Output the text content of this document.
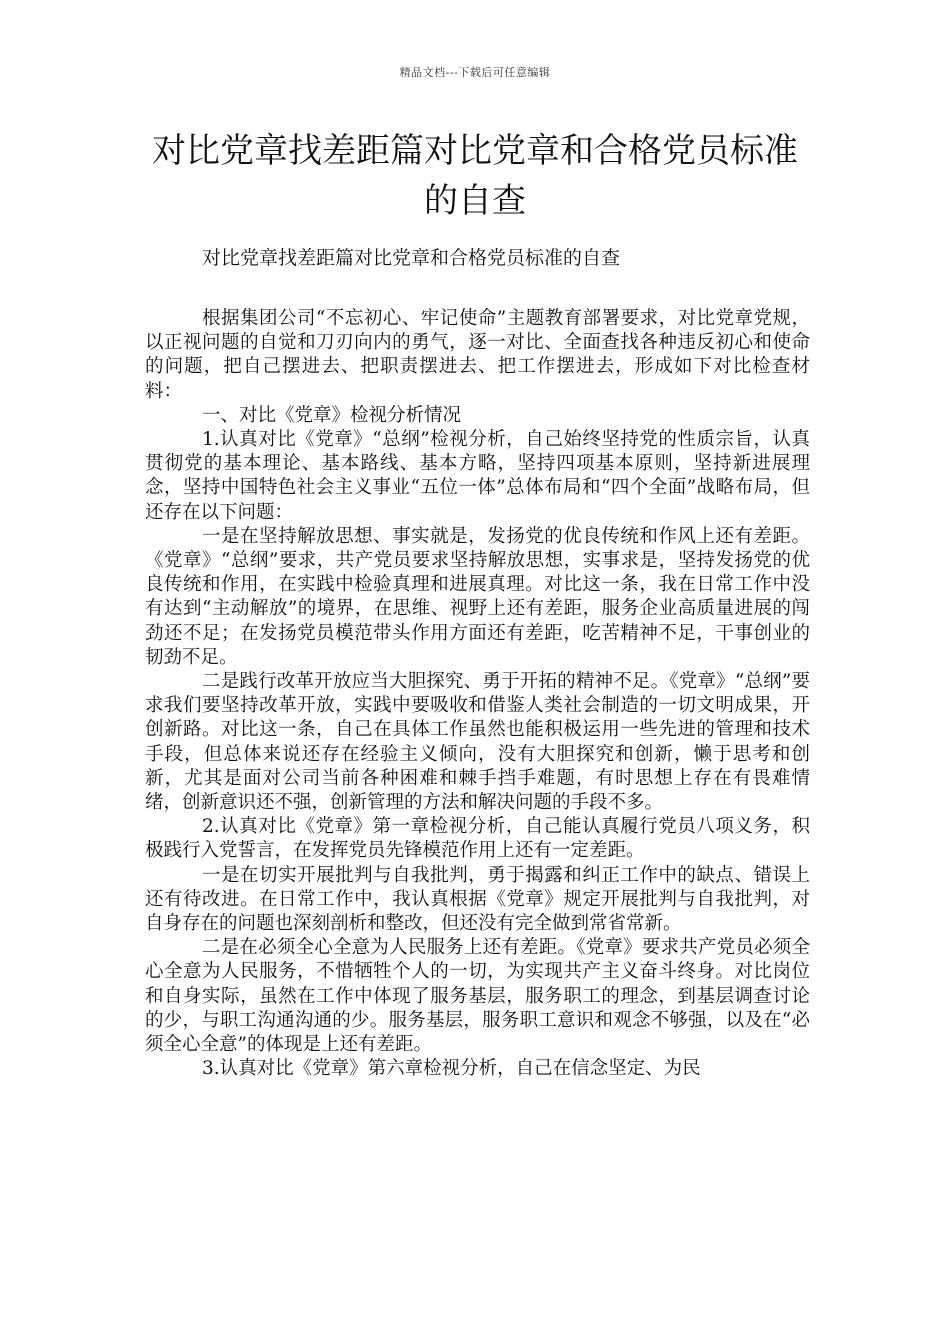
精品文档---下载后可任意编辑
对比党章找差距篇对比党章和合格党员标准的自查

对比党章找差距篇对比党章和合格党员标准的自查

根据集团公司“不忘初心、牢记使命”主题教育部署要求，对比党章党规，以正视问题的自觉和刀刃向内的勇气，逐一对比、全面查找各种违反初心和使命的问题，把自己摆进去、把职责摆进去、把工作摆进去，形成如下对比检查材料：

一、对比《党章》检视分析情况

1.认真对比《党章》“总纲”检视分析，自己始终坚持党的性质宗旨，认真贯彻党的基本理论、基本路线、基本方略，坚持四项基本原则，坚持新进展理念，坚持中国特色社会主义事业“五位一体”总体布局和“四个全面”战略布局，但还存在以下问题：

一是在坚持解放思想、事实就是，发扬党的优良传统和作风上还有差距。《党章》“总纲”要求，共产党员要求坚持解放思想，实事求是，坚持发扬党的优良传统和作用，在实践中检验真理和进展真理。对比这一条，我在日常工作中没有达到“主动解放”的境界，在思维、视野上还有差距，服务企业高质量进展的闯劲还不足；在发扬党员模范带头作用方面还有差距，吃苦精神不足，干事创业的韧劲不足。

二是践行改革开放应当大胆探究、勇于开拓的精神不足。《党章》“总纲”要求我们要坚持改革开放，实践中要吸收和借鉴人类社会制造的一切文明成果，开创新路。对比这一条，自己在具体工作虽然也能积极运用一些先进的管理和技术手段，但总体来说还存在经验主义倾向，没有大胆探究和创新，懒于思考和创新，尤其是面对公司当前各种困难和棘手挡手难题，有时思想上存在有畏难情绪，创新意识还不强，创新管理的方法和解决问题的手段不多。

2.认真对比《党章》第一章检视分析，自己能认真履行党员八项义务，积极践行入党誓言，在发挥党员先锋模范作用上还有一定差距。

一是在切实开展批判与自我批判，勇于揭露和纠正工作中的缺点、错误上还有待改进。在日常工作中，我认真根据《党章》规定开展批判与自我批判，对自身存在的问题也深刻剖析和整改，但还没有完全做到常省常新。

二是在必须全心全意为人民服务上还有差距。《党章》要求共产党员必须全心全意为人民服务，不惜牺牲个人的一切，为实现共产主义奋斗终身。对比岗位和自身实际，虽然在工作中体现了服务基层，服务职工的理念，到基层调查讨论的少，与职工沟通沟通的少。服务基层，服务职工意识和观念不够强，以及在“必须全心全意”的体现是上还有差距。

3.认真对比《党章》第六章检视分析，自己在信念坚定、为民
